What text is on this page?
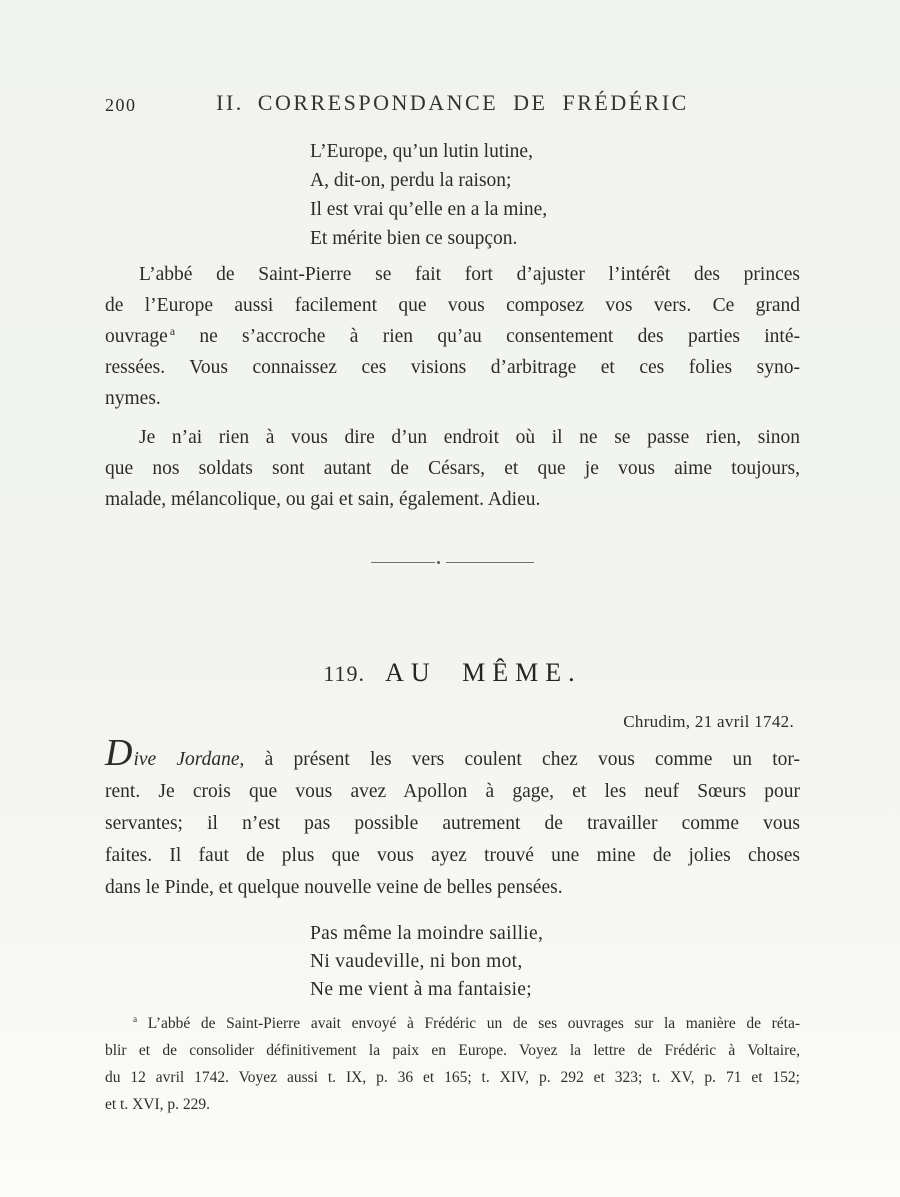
200	II. CORRESPONDANCE DE FRÉDÉRIC
L’Europe, qu’un lutin lutine,
A, dit-on, perdu la raison;
Il est vrai qu’elle en a la mine,
Et mérite bien ce soupçon.
L’abbé de Saint-Pierre se fait fort d’ajuster l’intérêt des princes
de l’Europe aussi facilement que vous composez vos vers. Ce grand
ouvrage $^a$ ne s’accroche à rien qu’au consentement des parties inté-
ressées. Vous connaissez ces visions d’arbitrage et ces folies syno-
nymes.
Je n’ai rien à vous dire d’un endroit où il ne se passe rien, sinon
que nos soldats sont autant de Césars, et que je vous aime toujours,
malade, mélancolique, ou gai et sain, également. Adieu.
119. AU MÊME.
Chrudim, 21 avril 1742.
Dive Jordane, à présent les vers coulent chez vous comme un tor-
rent. Je crois que vous avez Apollon à gage, et les neuf Sœurs pour
servantes; il n’est pas possible autrement de travailler comme vous
faites. Il faut de plus que vous ayez trouvé une mine de jolies choses
dans le Pinde, et quelque nouvelle veine de belles pensées.
Pas même la moindre saillie,
Ni vaudeville, ni bon mot,
Ne me vient à ma fantaisie;
$^a$ L’abbé de Saint-Pierre avait envoyé à Frédéric un de ses ouvrages sur la manière de réta-
blir et de consolider définitivement la paix en Europe. Voyez la lettre de Frédéric à Voltaire,
du 12 avril 1742. Voyez aussi t. IX, p. 36 et 165; t. XIV, p. 292 et 323; t. XV, p. 71 et 152;
et t. XVI, p. 229.
